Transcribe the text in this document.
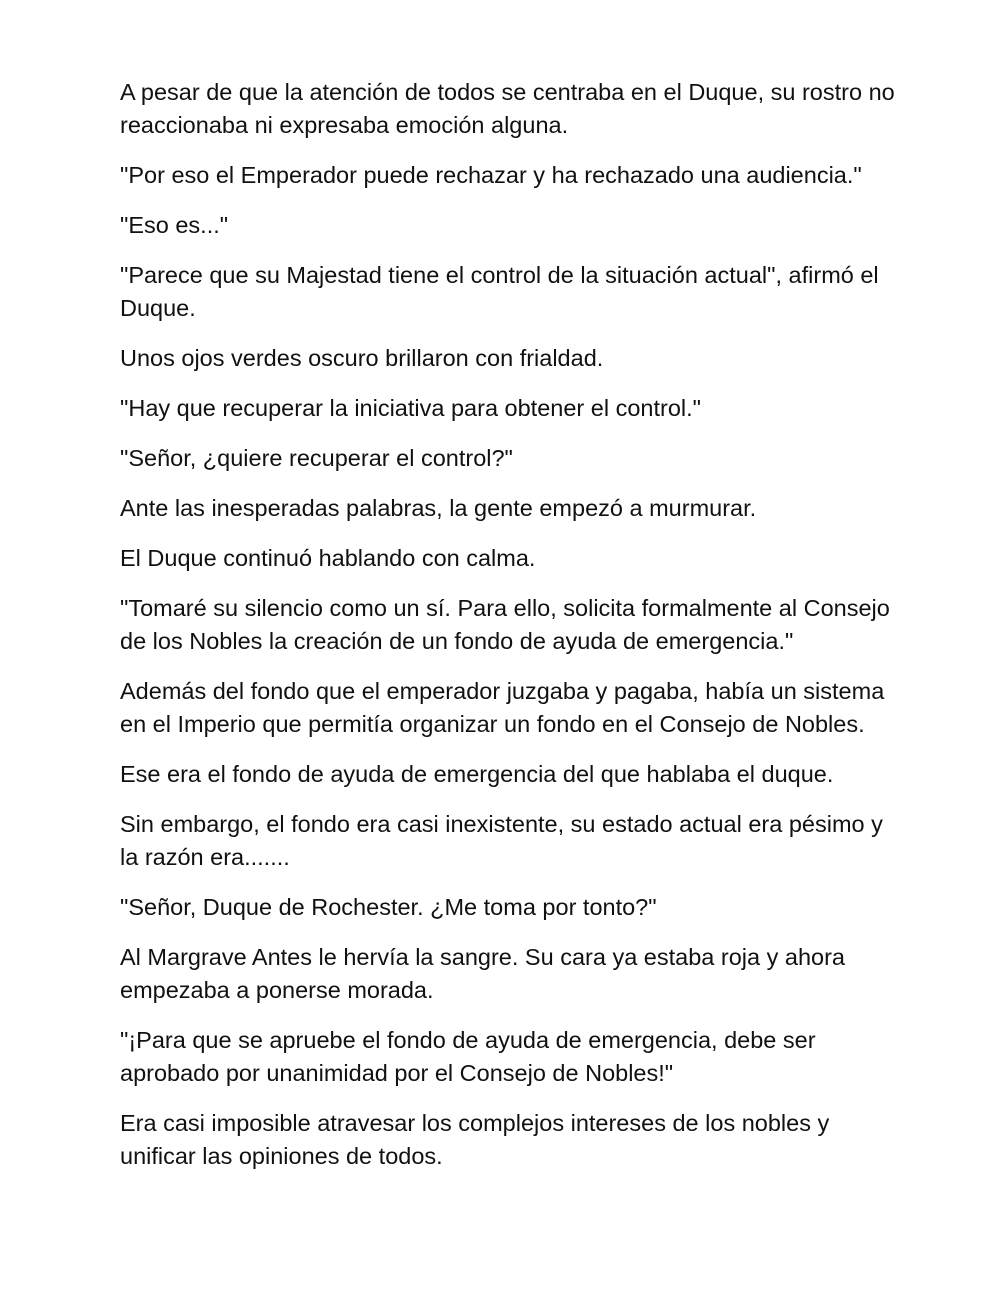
A pesar de que la atención de todos se centraba en el Duque, su rostro no reaccionaba ni expresaba emoción alguna.

"Por eso el Emperador puede rechazar y ha rechazado una audiencia."

"Eso es..."

"Parece que su Majestad tiene el control de la situación actual", afirmó el Duque.

Unos ojos verdes oscuro brillaron con frialdad.

"Hay que recuperar la iniciativa para obtener el control."

"Señor, ¿quiere recuperar el control?"

Ante las inesperadas palabras, la gente empezó a murmurar.

El Duque continuó hablando con calma.

"Tomaré su silencio como un sí. Para ello, solicita formalmente al Consejo de los Nobles la creación de un fondo de ayuda de emergencia."

Además del fondo que el emperador juzgaba y pagaba, había un sistema en el Imperio que permitía organizar un fondo en el Consejo de Nobles.

Ese era el fondo de ayuda de emergencia del que hablaba el duque.

Sin embargo, el fondo era casi inexistente, su estado actual era pésimo y la razón era.......

"Señor, Duque de Rochester. ¿Me toma por tonto?"

Al Margrave Antes le hervía la sangre. Su cara ya estaba roja y ahora empezaba a ponerse morada.

"¡Para que se apruebe el fondo de ayuda de emergencia, debe ser aprobado por unanimidad por el Consejo de Nobles!"

Era casi imposible atravesar los complejos intereses de los nobles y unificar las opiniones de todos.
